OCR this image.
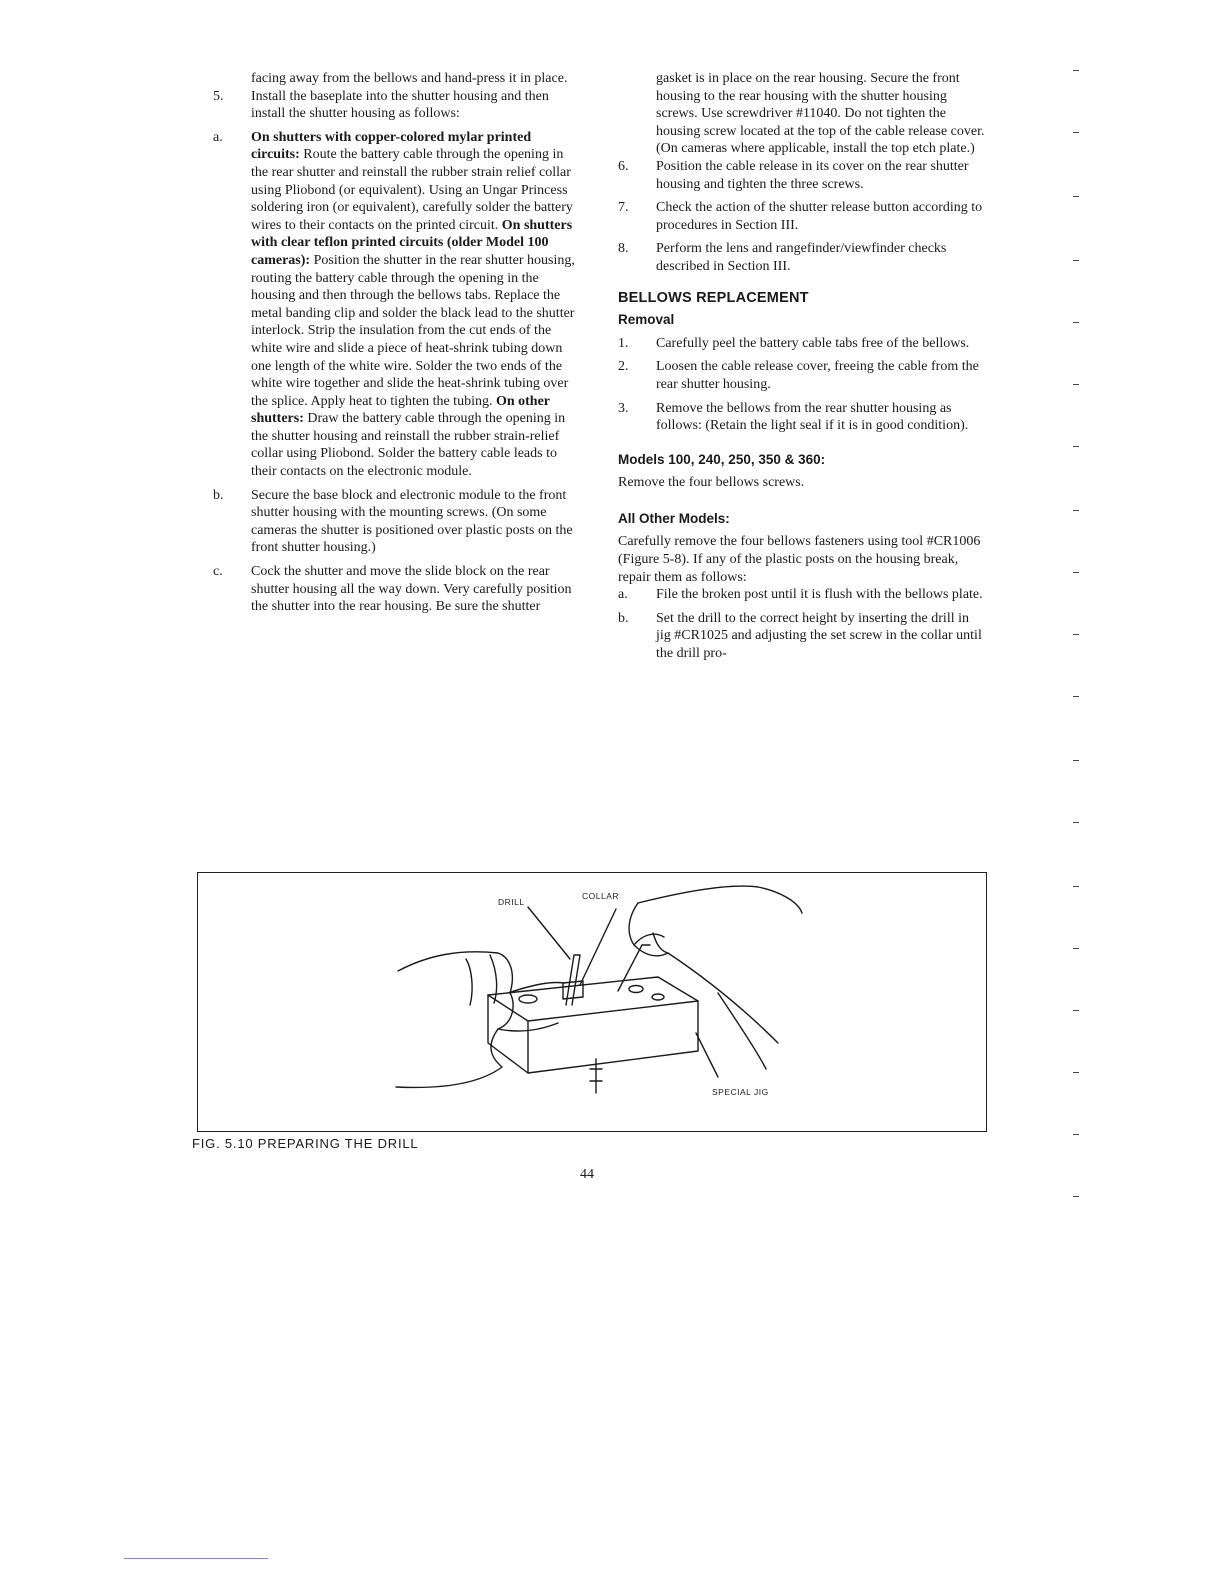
facing away from the bellows and hand-press it in place.

5. Install the baseplate into the shutter housing and then install the shutter housing as follows:
a. On shutters with copper-colored mylar printed circuits: Route the battery cable through the opening in the rear shutter and reinstall the rubber strain relief collar using Pliobond (or equivalent). Using an Ungar Princess soldering iron (or equivalent), carefully solder the battery wires to their contacts on the printed circuit. On shutters with clear teflon printed circuits (older Model 100 cameras): Position the shutter in the rear shutter housing, routing the battery cable through the opening in the housing and then through the bellows tabs. Replace the metal banding clip and solder the black lead to the shutter interlock. Strip the insulation from the cut ends of the white wire and slide a piece of heat-shrink tubing down one length of the white wire. Solder the two ends of the white wire together and slide the heat-shrink tubing over the splice. Apply heat to tighten the tubing. On other shutters: Draw the battery cable through the opening in the shutter housing and reinstall the rubber strain-relief collar using Pliobond. Solder the battery cable leads to their contacts on the electronic module.
b. Secure the base block and electronic module to the front shutter housing with the mounting screws. (On some cameras the shutter is positioned over plastic posts on the front shutter housing.)
c. Cock the shutter and move the slide block on the rear shutter housing all the way down. Very carefully position the shutter into the rear housing. Be sure the shutter

gasket is in place on the rear housing. Secure the front housing to the rear housing with the shutter housing screws. Use screwdriver #11040. Do not tighten the housing screw located at the top of the cable release cover. (On cameras where applicable, install the top etch plate.)

6. Position the cable release in its cover on the rear shutter housing and tighten the three screws.
7. Check the action of the shutter release button according to procedures in Section III.
8. Perform the lens and rangefinder/viewfinder checks described in Section III.
BELLOWS REPLACEMENT
Removal
1. Carefully peel the battery cable tabs free of the bellows.
2. Loosen the cable release cover, freeing the cable from the rear shutter housing.
3. Remove the bellows from the rear shutter housing as follows: (Retain the light seal if it is in good condition).
Models 100, 240, 250, 350 & 360:

Remove the four bellows screws.

All Other Models:

Carefully remove the four bellows fasteners using tool #CR1006 (Figure 5-8). If any of the plastic posts on the housing break, repair them as follows:

a. File the broken post until it is flush with the bellows plate.
b. Set the drill to the correct height by inserting the drill in jig #CR1025 and adjusting the set screw in the collar until the drill pro-
DRILL
COLLAR
SPECIAL JIG
FIG. 5.10 PREPARING THE DRILL
44
